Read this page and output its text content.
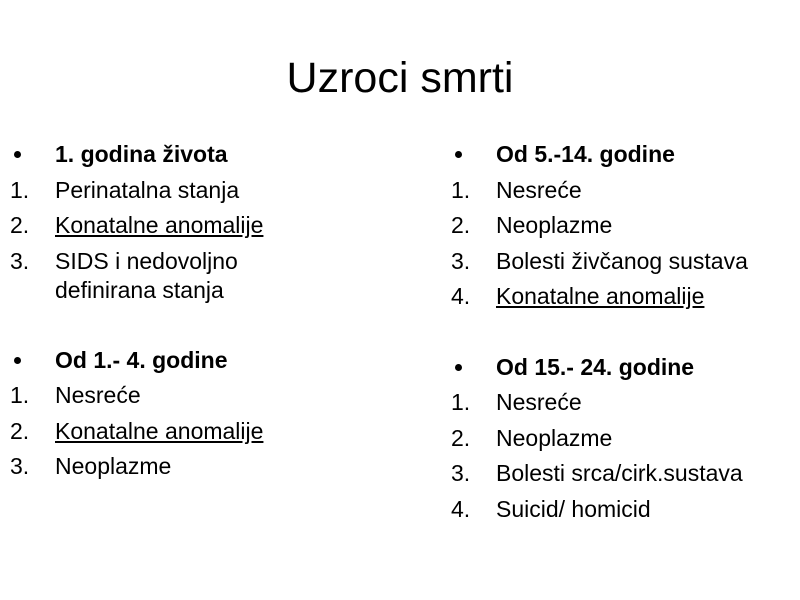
Uzroci smrti
1. godina života
1. Perinatalna stanja
2. Konatalne anomalije
3. SIDS i nedovoljno definirana stanja
Od 1.- 4. godine
1. Nesreće
2. Konatalne anomalije
3. Neoplazme
Od 5.-14. godine
1. Nesreće
2. Neoplazme
3. Bolesti živčanog sustava
4. Konatalne anomalije
Od 15.- 24. godine
1. Nesreće
2. Neoplazme
3. Bolesti srca/cirk.sustava
4. Suicid/ homicid
